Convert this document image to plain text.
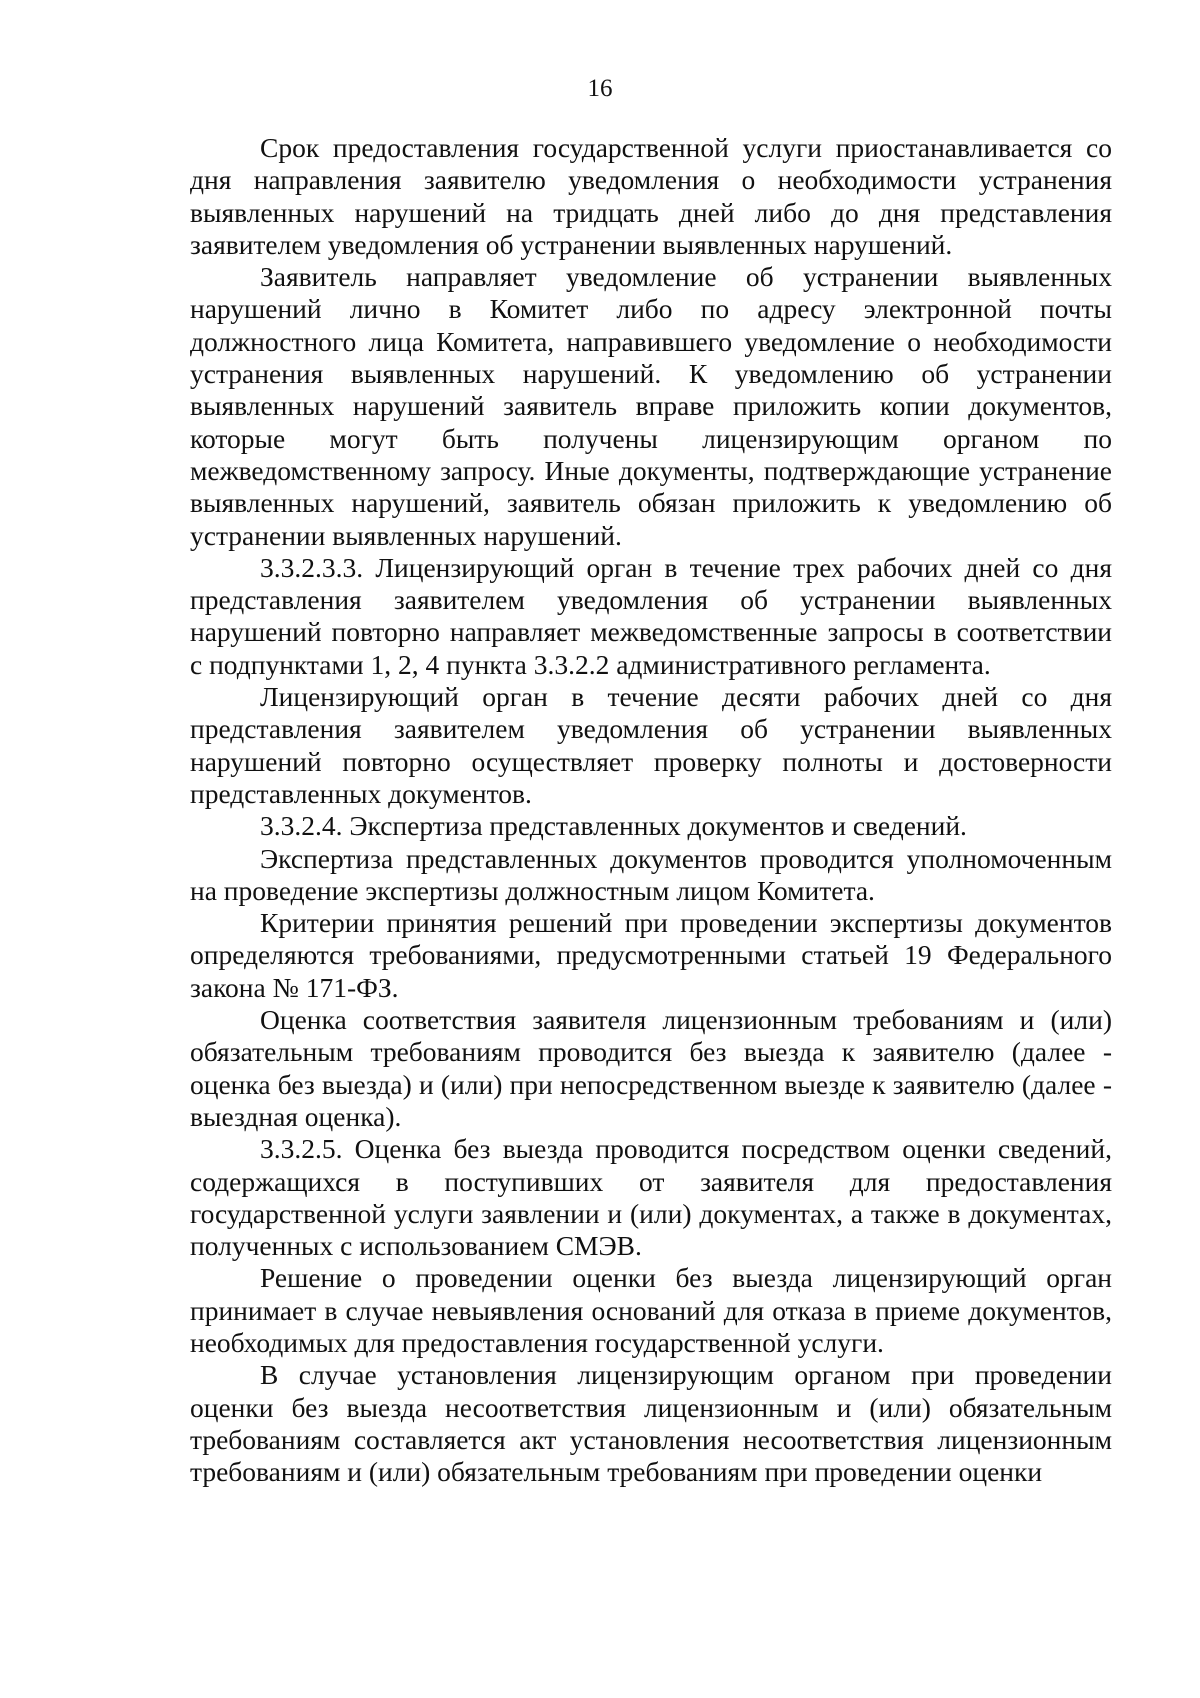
16

Срок предоставления государственной услуги приостанавливается со дня направления заявителю уведомления о необходимости устранения выявленных нарушений на тридцать дней либо до дня представления заявителем уведомления об устранении выявленных нарушений.

Заявитель направляет уведомление об устранении выявленных нарушений лично в Комитет либо по адресу электронной почты должностного лица Комитета, направившего уведомление о необходимости устранения выявленных нарушений. К уведомлению об устранении выявленных нарушений заявитель вправе приложить копии документов, которые могут быть получены лицензирующим органом по межведомственному запросу. Иные документы, подтверждающие устранение выявленных нарушений, заявитель обязан приложить к уведомлению об устранении выявленных нарушений.

3.3.2.3.3. Лицензирующий орган в течение трех рабочих дней со дня представления заявителем уведомления об устранении выявленных нарушений повторно направляет межведомственные запросы в соответствии с подпунктами 1, 2, 4 пункта 3.3.2.2 административного регламента.

Лицензирующий орган в течение десяти рабочих дней со дня представления заявителем уведомления об устранении выявленных нарушений повторно осуществляет проверку полноты и достоверности представленных документов.

3.3.2.4. Экспертиза представленных документов и сведений.

Экспертиза представленных документов проводится уполномоченным на проведение экспертизы должностным лицом Комитета.

Критерии принятия решений при проведении экспертизы документов определяются требованиями, предусмотренными статьей 19 Федерального закона № 171-ФЗ.

Оценка соответствия заявителя лицензионным требованиям и (или) обязательным требованиям проводится без выезда к заявителю (далее - оценка без выезда) и (или) при непосредственном выезде к заявителю (далее - выездная оценка).

3.3.2.5. Оценка без выезда проводится посредством оценки сведений, содержащихся в поступивших от заявителя для предоставления государственной услуги заявлении и (или) документах, а также в документах, полученных с использованием СМЭВ.

Решение о проведении оценки без выезда лицензирующий орган принимает в случае невыявления оснований для отказа в приеме документов, необходимых для предоставления государственной услуги.

В случае установления лицензирующим органом при проведении оценки без выезда несоответствия лицензионным и (или) обязательным требованиям составляется акт установления несоответствия лицензионным требованиям и (или) обязательным требованиям при проведении оценки
